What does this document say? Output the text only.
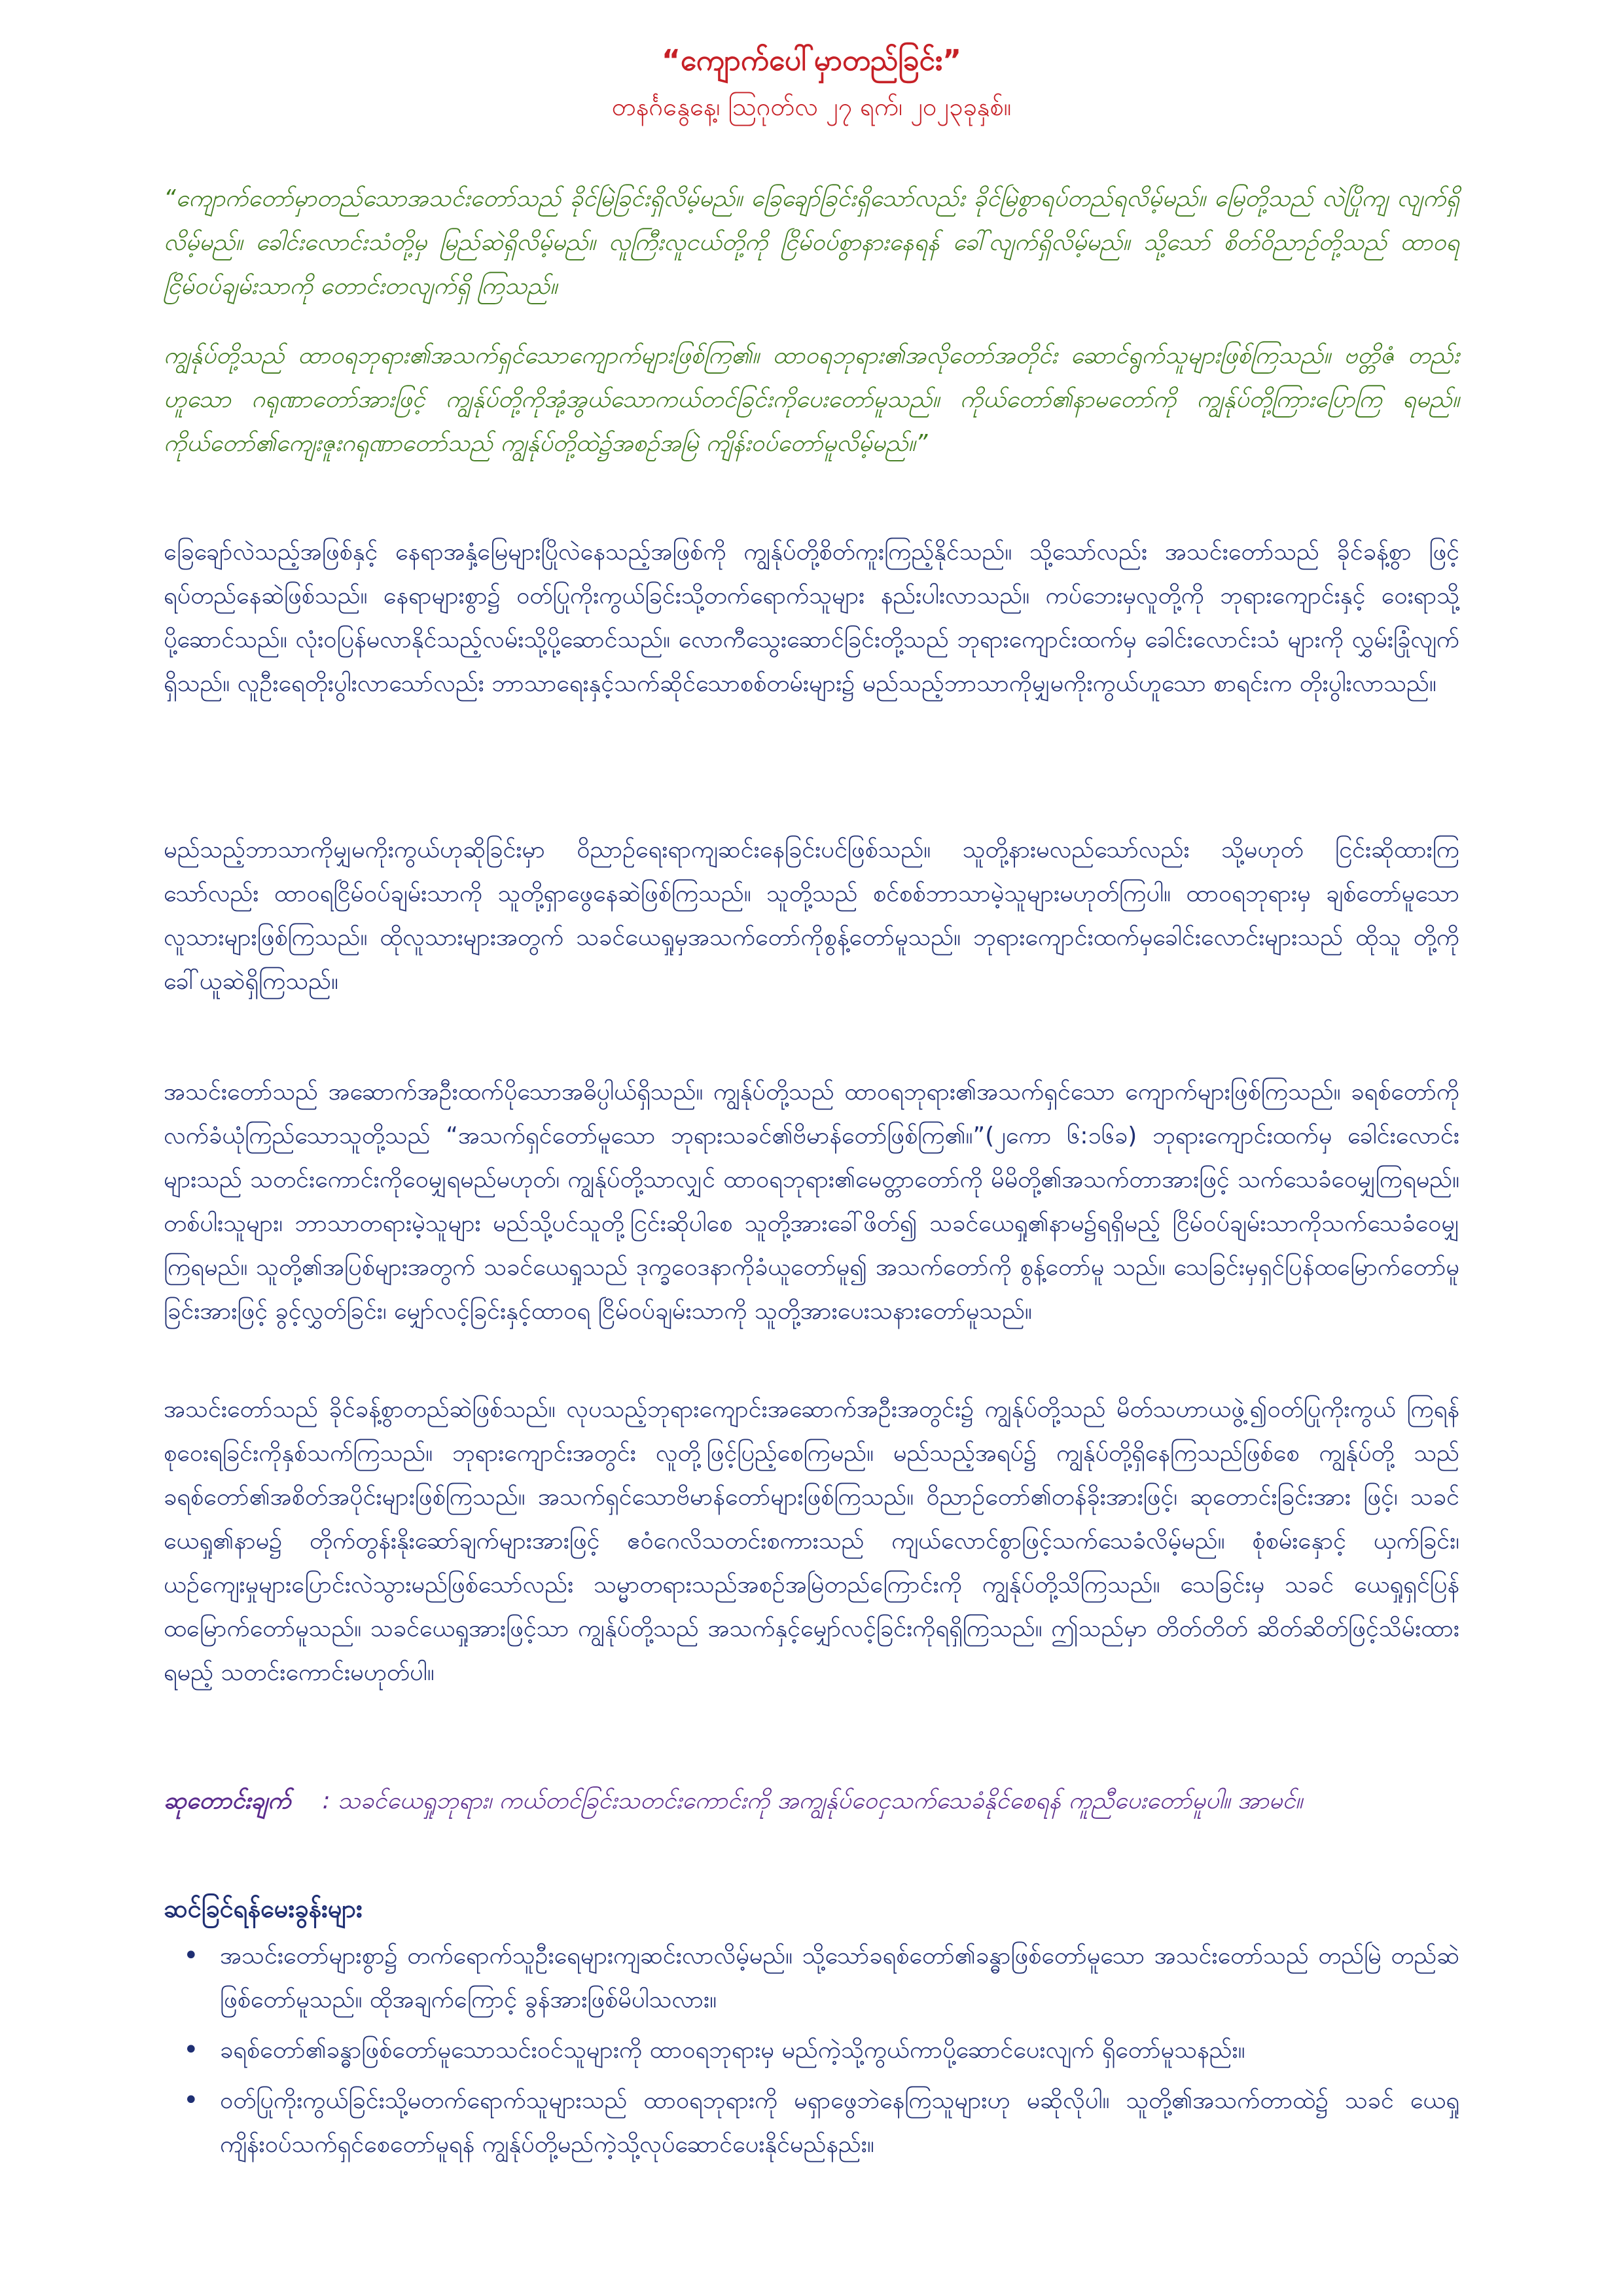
“ကျောက်ပေါ်မှာတည်ခြင်း”
တနင်္ဂနွေနေ့၊ ဩဂုတ်လ ၂၇ ရက်၊ ၂၀၂၃ခုနှစ်။

“ကျောက်တော်မှာတည်သောအသင်းတော်သည် ခိုင်မြဲခြင်းရှိလိမ့်မည်။ ခြေချော်ခြင်းရှိသော်လည်း ခိုင်မြဲစွာရပ်တည်ရလိမ့်မည်။ မြေတို့သည် လဲပြိုကျ လျက်ရှိလိမ့်မည်။ ခေါင်းလောင်းသံတို့မှ မြည်ဆဲရှိလိမ့်မည်။ လူကြီးလူငယ်တို့ကို ငြိမ်ဝပ်စွာနားနေရန် ခေါ်လျက်ရှိလိမ့်မည်။ သို့သော် စိတ်ဝိညာဉ်တို့သည် ထာဝရငြိမ်ဝပ်ချမ်းသာကို တောင်းတလျက်ရှိ ကြသည်။

ကျွန်ုပ်တို့သည် ထာဝရဘုရား၏အသက်ရှင်သောကျောက်များဖြစ်ကြ၏။ ထာဝရဘုရား၏အလိုတော်အတိုင်း ဆောင်ရွက်သူများဖြစ်ကြသည်။ ဗတ္တိဇံ တည်းဟူသော ဂရုဏာတော်အားဖြင့် ကျွန်ုပ်တို့ကိုအုံ့အွယ်သောကယ်တင်ခြင်းကိုပေးတော်မူသည်။ ကိုယ်တော်၏နာမတော်ကို ကျွန်ုပ်တို့ကြားပြောကြ ရမည်။ ကိုယ်တော်၏ကျေးဇူးဂရုဏာတော်သည် ကျွန်ုပ်တို့ထဲ၌အစဉ်အမြဲ ကျိန်းဝပ်တော်မူလိမ့်မည်။”

ခြေချော်လဲသည့်အဖြစ်နှင့် နေရာအနှံ့မြေများပြိုလဲနေသည့်အဖြစ်ကို ကျွန်ုပ်တို့စိတ်ကူးကြည့်နိုင်သည်။ သို့သော်လည်း အသင်းတော်သည် ခိုင်ခန့်စွာ ဖြင့်ရပ်တည်နေဆဲဖြစ်သည်။ နေရာများစွာ၌ ဝတ်ပြုကိုးကွယ်ခြင်းသို့တက်ရောက်သူများ နည်းပါးလာသည်။ ကပ်ဘေးမှလူတို့ကို ဘုရားကျောင်းနှင့် ဝေးရာသို့ပို့ဆောင်သည်။ လုံးဝပြန်မလာနိုင်သည့်လမ်းသို့ပို့ဆောင်သည်။ လောကီသွေးဆောင်ခြင်းတို့သည် ဘုရားကျောင်းထက်မှ ခေါင်းလောင်းသံ များကို လွှမ်းခြုံလျက်ရှိသည်။ လူဦးရေတိုးပွါးလာသော်လည်း ဘာသာရေးနှင့်သက်ဆိုင်သောစစ်တမ်းများ၌ မည်သည့်ဘာသာကိုမျှမကိုးကွယ်ဟူသော စာရင်းက တိုးပွါးလာသည်။

မည်သည့်ဘာသာကိုမျှမကိုးကွယ်ဟုဆိုခြင်းမှာ ဝိညာဉ်ရေးရာကျဆင်းနေခြင်းပင်ဖြစ်သည်။ သူတို့နားမလည်သော်လည်း သို့မဟုတ် ငြင်းဆိုထားကြ သော်လည်း ထာဝရငြိမ်ဝပ်ချမ်းသာကို သူတို့ရှာဖွေနေဆဲဖြစ်ကြသည်။ သူတို့သည် စင်စစ်ဘာသာမဲ့သူများမဟုတ်ကြပါ။ ထာဝရဘုရားမှ ချစ်တော်မူသော လူသားများဖြစ်ကြသည်။ ထိုလူသားများအတွက် သခင်ယေရှုမှအသက်တော်ကိုစွန့်တော်မူသည်။ ဘုရားကျောင်းထက်မှခေါင်းလောင်းများသည် ထိုသူ တို့ကို ခေါ်ယူဆဲရှိကြသည်။

အသင်းတော်သည် အဆောက်အဦးထက်ပိုသောအဓိပ္ပါယ်ရှိသည်။ ကျွန်ုပ်တို့သည် ထာဝရဘုရား၏အသက်ရှင်သော ကျောက်များဖြစ်ကြသည်။ ခရစ်တော်ကို လက်ခံယုံကြည်သောသူတို့သည် “အသက်ရှင်တော်မူသော ဘုရားသခင်၏ဗိမာန်တော်ဖြစ်ကြ၏။”(၂ကော ၆:၁၆ခ) ဘုရားကျောင်းထက်မှ ခေါင်းလောင်းများသည် သတင်းကောင်းကိုဝေမျှရမည်မဟုတ်၊ ကျွန်ုပ်တို့သာလျှင် ထာဝရဘုရား၏မေတ္တာတော်ကို မိမိတို့၏အသက်တာအားဖြင့် သက်သေခံဝေမျှကြရမည်။ တစ်ပါးသူများ၊ ဘာသာတရားမဲ့သူများ မည်သို့ပင်သူတို့ငြင်းဆိုပါစေ သူတို့အားခေါ်ဖိတ်၍ သခင်ယေရှု၏နာမ၌ရရှိမည့် ငြိမ်ဝပ်ချမ်းသာကိုသက်သေခံဝေမျှကြရမည်။ သူတို့၏အပြစ်များအတွက် သခင်ယေရှုသည် ဒုက္ခဝေဒနာကိုခံယူတော်မူ၍ အသက်တော်ကို စွန့်တော်မူ သည်။ သေခြင်းမှရှင်ပြန်ထမြောက်တော်မူခြင်းအားဖြင့် ခွင့်လွှတ်ခြင်း၊ မျှော်လင့်ခြင်းနှင့်ထာဝရ ငြိမ်ဝပ်ချမ်းသာကို သူတို့အားပေးသနားတော်မူသည်။

အသင်းတော်သည် ခိုင်ခန့်စွာတည်ဆဲဖြစ်သည်။ လုပသည့်ဘုရားကျောင်းအဆောက်အဦးအတွင်း၌ ကျွန်ုပ်တို့သည် မိတ်သဟာယဖွဲ့၍ဝတ်ပြုကိုးကွယ် ကြရန် စုဝေးရခြင်းကိုနှစ်သက်ကြသည်။ ဘုရားကျောင်းအတွင်း လူတို့ဖြင့်ပြည့်စေကြမည်။ မည်သည့်အရပ်၌ ကျွန်ုပ်တို့ရှိနေကြသည်ဖြစ်စေ ကျွန်ုပ်တို့ သည် ခရစ်တော်၏အစိတ်အပိုင်းများဖြစ်ကြသည်။ အသက်ရှင်သောဗိမာန်တော်များဖြစ်ကြသည်။ ဝိညာဉ်တော်၏တန်ခိုးအားဖြင့်၊ ဆုတောင်းခြင်းအား ဖြင့်၊ သခင်ယေရှု၏နာမ၌ တိုက်တွန်းနိုးဆော်ချက်များအားဖြင့် ဧဝံဂေလိသတင်းစကားသည် ကျယ်လောင်စွာဖြင့်သက်သေခံလိမ့်မည်။ စုံစမ်းနှောင့် ယှက်ခြင်း၊ ယဉ်ကျေးမှုများပြောင်းလဲသွားမည်ဖြစ်သော်လည်း သမ္မာတရားသည်အစဉ်အမြဲတည်ကြောင်းကို ကျွန်ုပ်တို့သိကြသည်။ သေခြင်းမှ သခင် ယေရှုရှင်ပြန်ထမြောက်တော်မူသည်။ သခင်ယေရှုအားဖြင့်သာ ကျွန်ုပ်တို့သည် အသက်နှင့်မျှော်လင့်ခြင်းကိုရရှိကြသည်။ ဤသည်မှာ တိတ်တိတ် ဆိတ်ဆိတ်ဖြင့်သိမ်းထားရမည့် သတင်းကောင်းမဟုတ်ပါ။

ဆုတောင်းချက် : သခင်ယေရှုဘုရား၊ ကယ်တင်ခြင်းသတင်းကောင်းကို အကျွန်ုပ်ဝေငှသက်သေခံနိုင်စေရန် ကူညီပေးတော်မူပါ။ အာမင်။
ဆင်ခြင်ရန်မေးခွန်းများ
• အသင်းတော်များစွာ၌ တက်ရောက်သူဦးရေများကျဆင်းလာလိမ့်မည်။ သို့သော်ခရစ်တော်၏ခန္ဓာဖြစ်တော်မူသော အသင်းတော်သည် တည်မြဲ တည်ဆဲဖြစ်တော်မူသည်။ ထိုအချက်ကြောင့် ခွန်အားဖြစ်မိပါသလား။
• ခရစ်တော်၏ခန္ဓာဖြစ်တော်မူသောသင်းဝင်သူများကို ထာဝရဘုရားမှ မည်ကဲ့သို့ကွယ်ကာပို့ဆောင်ပေးလျက် ရှိတော်မူသနည်း။
• ဝတ်ပြုကိုးကွယ်ခြင်းသို့မတက်ရောက်သူများသည် ထာဝရဘုရားကို မရှာဖွေဘဲနေကြသူများဟု မဆိုလိုပါ။ သူတို့၏အသက်တာထဲ၌ သခင် ယေရှု ကျိန်းဝပ်သက်ရှင်စေတော်မူရန် ကျွန်ုပ်တို့မည်ကဲ့သို့လုပ်ဆောင်ပေးနိုင်မည်နည်း။
